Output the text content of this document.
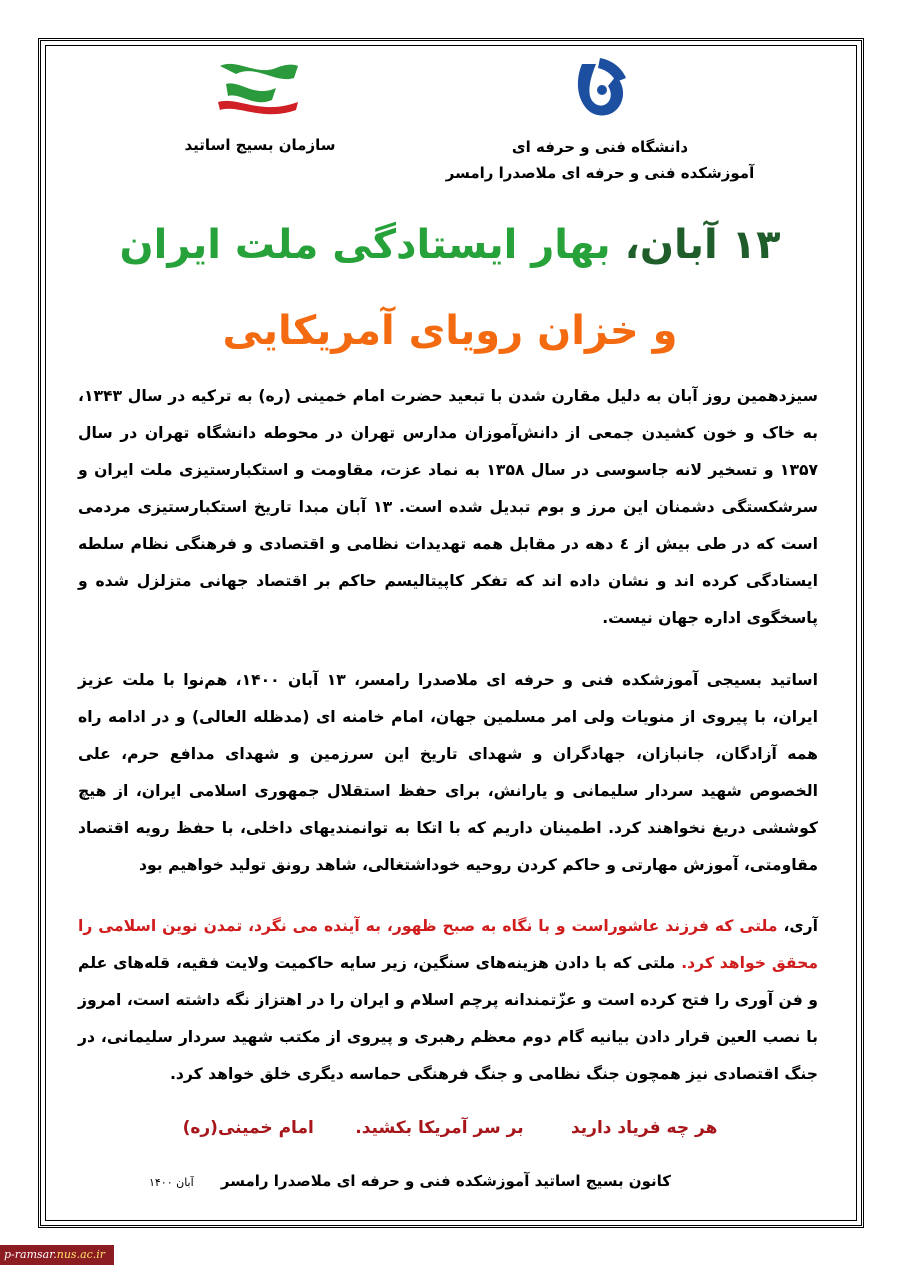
سازمان بسیج اساتید	دانشگاه فنی و حرفه ای
آموزشکده فنی و حرفه ای ملاصدرا رامسر
۱۳ آبان، بهار ایستادگی ملت ایران
و خزان رویای آمریکایی
سیزدهمین روز آبان به دلیل مقارن شدن با تبعید حضرت امام خمینی (ره) به ترکیه در سال ۱۳۴۳، به خاک و خون کشیدن جمعی از دانش‌آموزان مدارس تهران در محوطه دانشگاه تهران در سال ۱۳۵۷ و تسخیر لانه جاسوسی در سال ۱۳۵۸ به نماد عزت، مقاومت و استکبارستیزی ملت ایران و سرشکستگی دشمنان این مرز و بوم تبدیل شده است. ۱۳ آبان مبدا تاریخ استکبارستیزی مردمی است که در طی بیش از ٤ دهه در مقابل همه تهدیدات نظامی و اقتصادی و فرهنگی نظام سلطه ایستادگی کرده اند و نشان داده اند که تفکر کاپیتالیسم حاکم بر اقتصاد جهانی متزلزل شده و پاسخگوی اداره جهان نیست.
اساتید بسیجی آموزشکده فنی و حرفه ای ملاصدرا رامسر، ۱۳ آبان ۱۴۰۰، هم‌نوا با ملت عزیز ایران، با پیروی از منویات ولی امر مسلمین جهان، امام خامنه ای (مدظله العالی) و در ادامه راه همه آزادگان، جانبازان، جهادگران و شهدای تاریخ این سرزمین و شهدای مدافع حرم، علی الخصوص شهید سردار سلیمانی و یارانش، برای حفظ استقلال جمهوری اسلامی ایران، از هیچ کوششی دریغ نخواهند کرد. اطمینان داریم که با اتکا به توانمندیهای داخلی، با حفظ رویه اقتصاد مقاومتی، آموزش مهارتی و حاکم کردن روحیه خوداشتغالی، شاهد رونق تولید خواهیم بود
آری، ملتی که فرزند عاشوراست و با نگاه به صبح ظهور، به آینده می نگرد، تمدن نوین اسلامی را محقق خواهد کرد. ملتی که با دادن هزینه‌های سنگین، زیر سایه حاکمیت ولایت فقیه، قله‌های علم و فن آوری را فتح کرده است و عزّتمندانه پرچم اسلام و ایران را در اهتزاز نگه داشته است، امروز با نصب العین قرار دادن بیانیه گام دوم معظم رهبری و پیروی از مکتب شهید سردار سلیمانی، در جنگ اقتصادی نیز همچون جنگ نظامی و جنگ فرهنگی حماسه دیگری خلق خواهد کرد.
هر چه فریاد دارید        بر سر آمریکا بکشید.       امام خمینی(ره)
کانون بسیج اساتید آموزشکده فنی و حرفه ای ملاصدرا رامسر آبان ۱۴۰۰
p-ramsar.nus.ac.ir
